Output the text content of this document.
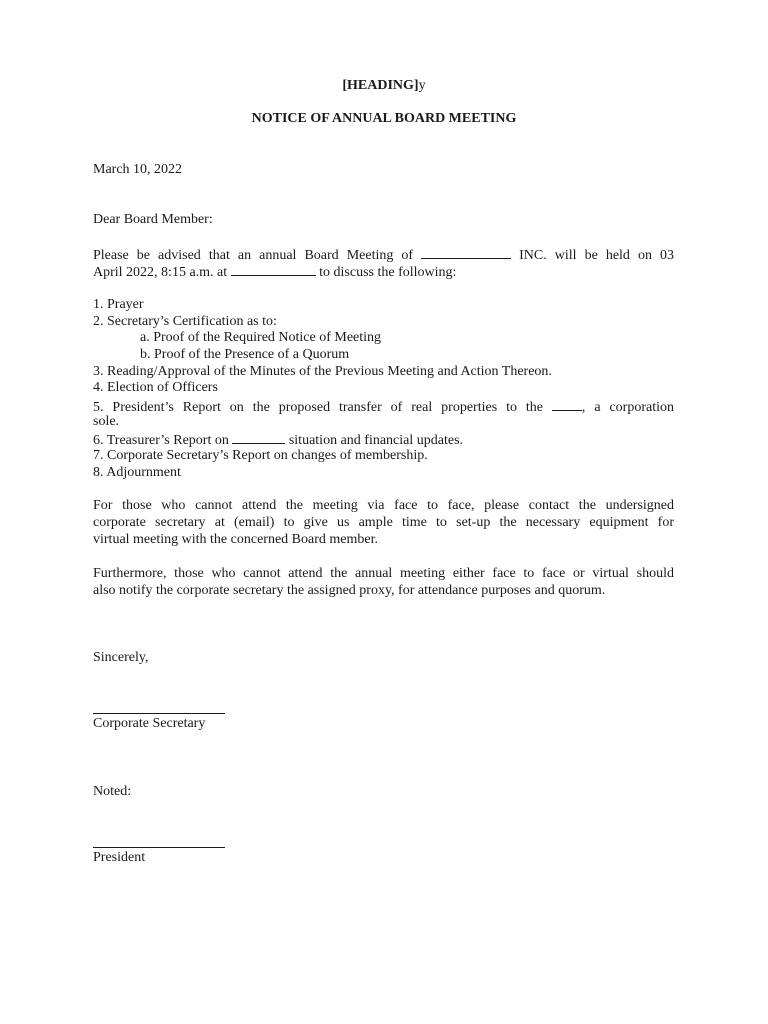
[HEADING]y
NOTICE OF ANNUAL BOARD MEETING
March 10, 2022
Dear Board Member:
Please be advised that an annual Board Meeting of	INC. will be held on 03
April 2022, 8:15 a.m. at	to discuss the following:
1. Prayer
2. Secretary’s Certification as to:
a. Proof of the Required Notice of Meeting
b. Proof of the Presence of a Quorum
3. Reading/Approval of the Minutes of the Previous Meeting and Action Thereon.
4. Election of Officers
5. President’s Report on the proposed transfer of real properties to the	, a corporation
sole.
6. Treasurer’s Report on	situation and financial updates.
7. Corporate Secretary’s Report on changes of membership.
8. Adjournment
For those who cannot attend the meeting via face to face, please contact the undersigned
corporate secretary at (email) to give us ample time to set-up the necessary equipment for
virtual meeting with the concerned Board member.
Furthermore, those who cannot attend the annual meeting either face to face or virtual should
also notify the corporate secretary the assigned proxy, for attendance purposes and quorum.
Sincerely,
Corporate Secretary
Noted:
President
